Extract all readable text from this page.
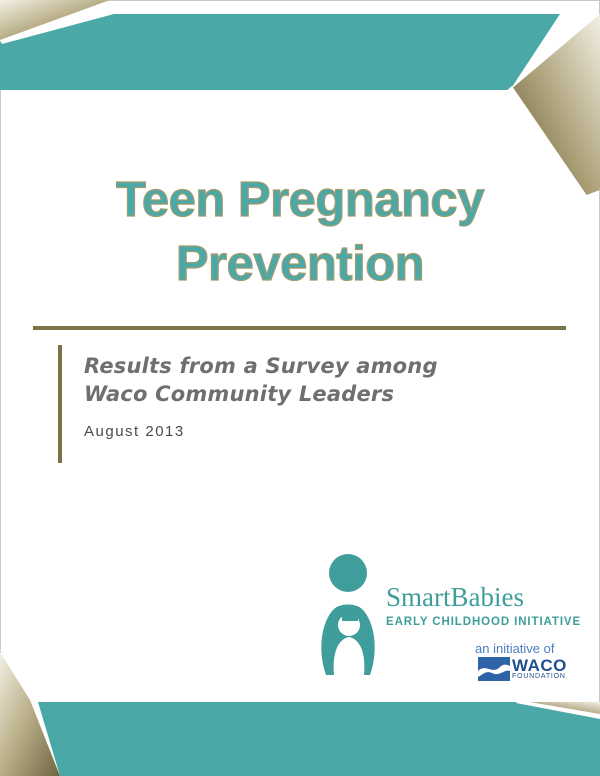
Teen Pregnancy
Prevention
Results from a Survey among
Waco Community Leaders
August 2013
SmartBabies
EARLY CHILDHOOD INITIATIVE
an initiative of
WACO
FOUNDATION
